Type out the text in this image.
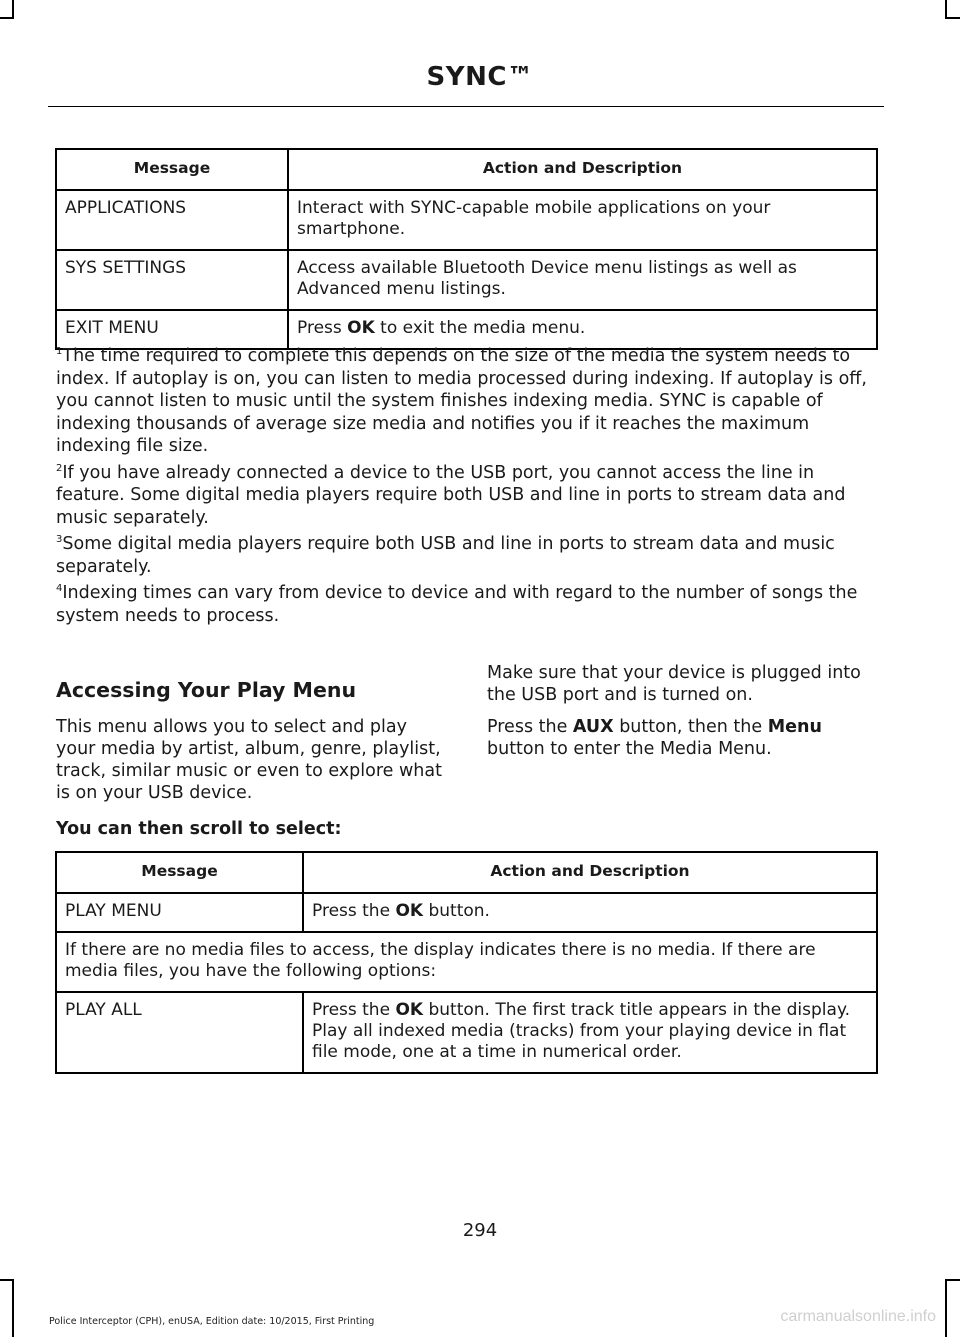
SYNC™
Message	Action and Description
APPLICATIONS	Interact with SYNC-capable mobile applications on your smartphone.
SYS SETTINGS	Access available Bluetooth Device menu listings as well as Advanced menu listings.
EXIT MENU	Press OK to exit the media menu.

$^1$The time required to complete this depends on the size of the media the system needs to index. If autoplay is on, you can listen to media processed during indexing. If autoplay is off, you cannot listen to music until the system finishes indexing media. SYNC is capable of indexing thousands of average size media and notifies you if it reaches the maximum indexing file size.

$^2$If you have already connected a device to the USB port, you cannot access the line in feature. Some digital media players require both USB and line in ports to stream data and music separately.

$^3$Some digital media players require both USB and line in ports to stream data and music separately.

$^4$Indexing times can vary from device to device and with regard to the number of songs the system needs to process.

Accessing Your Play Menu

This menu allows you to select and play your media by artist, album, genre, playlist, track, similar music or even to explore what is on your USB device.

Make sure that your device is plugged into the USB port and is turned on.

Press the AUX button, then the Menu button to enter the Media Menu.

You can then scroll to select:
Message	Action and Description
PLAY MENU	Press the OK button.
If there are no media files to access, the display indicates there is no media. If there are media files, you have the following options:	
PLAY ALL	Press the OK button. The first track title appears in the display.
Play all indexed media (tracks) from your playing device in flat file mode, one at a time in numerical order.
294
Police Interceptor (CPH), enUSA, Edition date: 10/2015, First Printing	carmanualsonline.info
